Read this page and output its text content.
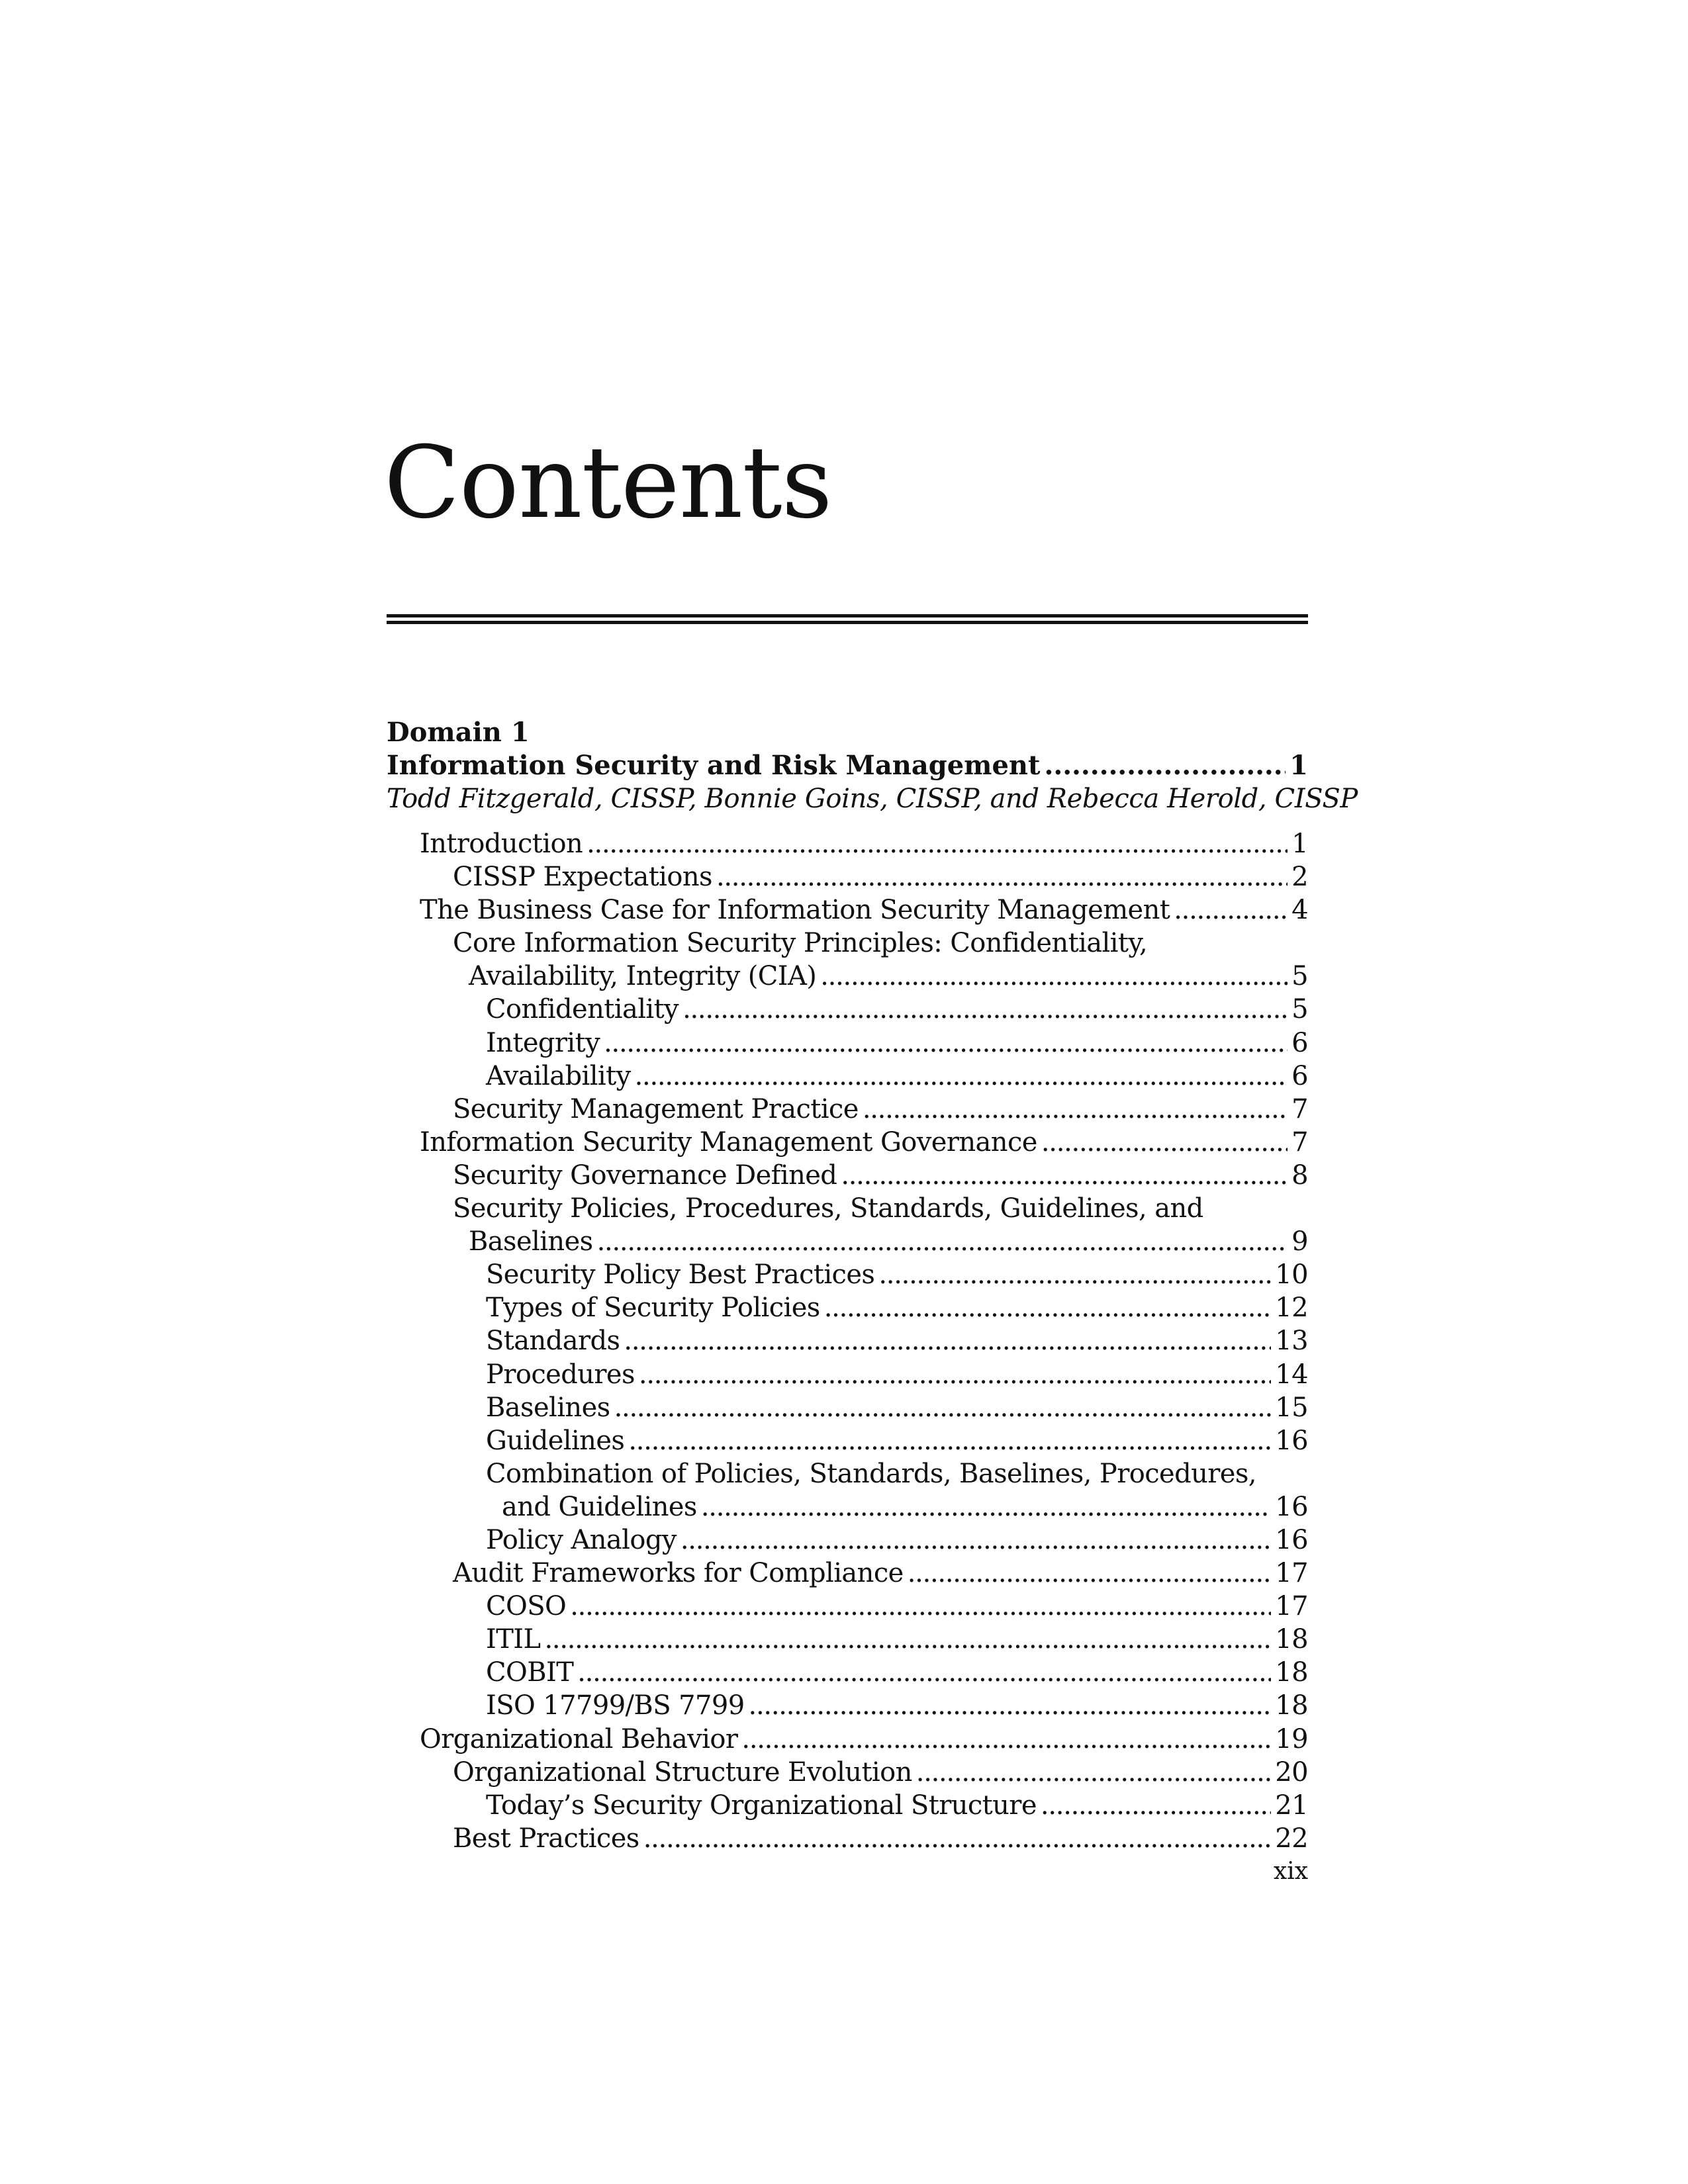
Contents
Domain 1
Information Security and Risk Management . . .	1
Todd Fitzgerald, CISSP, Bonnie Goins, CISSP, and Rebecca Herold, CISSP
Introduction . . .	1
CISSP Expectations . . .	2
The Business Case for Information Security Management . . .	4
Core Information Security Principles: Confidentiality,
Availability, Integrity (CIA) . . .	5
Confidentiality . . .	5
Integrity . . .	6
Availability . . .	6
Security Management Practice . . .	7
Information Security Management Governance . . .	7
Security Governance Defined . . .	8
Security Policies, Procedures, Standards, Guidelines, and
Baselines . . .	9
Security Policy Best Practices . . .	10
Types of Security Policies . . .	12
Standards . . .	13
Procedures . . .	14
Baselines . . .	15
Guidelines . . .	16
Combination of Policies, Standards, Baselines, Procedures,
and Guidelines . . .	16
Policy Analogy . . .	16
Audit Frameworks for Compliance . . .	17
COSO . . .	17
ITIL . . .	18
COBIT . . .	18
ISO 17799/BS 7799 . . .	18
Organizational Behavior . . .	19
Organizational Structure Evolution . . .	20
Today’s Security Organizational Structure . . .	21
Best Practices . . .	22
xix
